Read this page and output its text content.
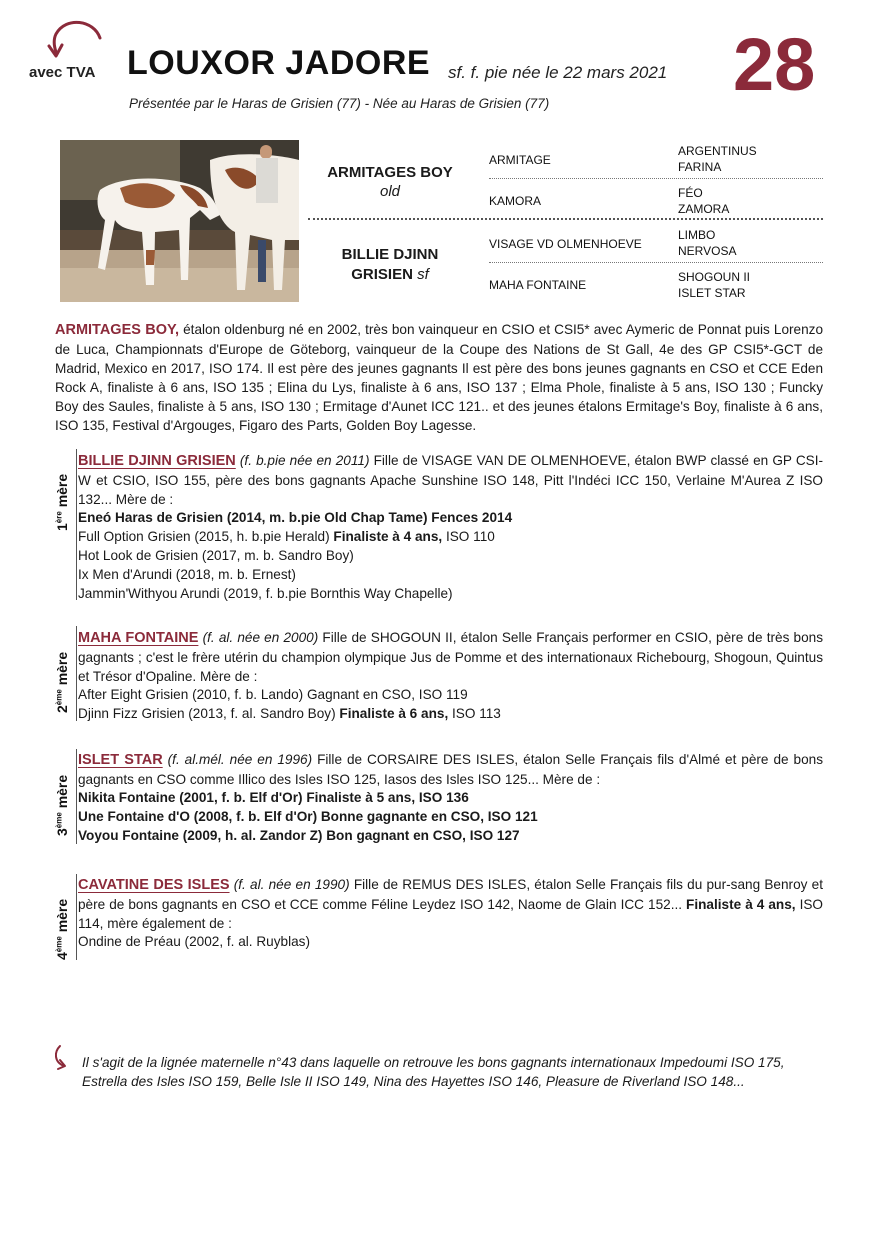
avec TVA LOUXOR JADORE sf. f. pie née le 22 mars 2021 28
Présentée par le Haras de Grisien (77) - Née au Haras de Grisien (77)
ARMITAGES BOY
old
BILLIE DJINN
GRISIEN sf
ARMITAGE
KAMORA
VISAGE VD OLMENHOEVE
MAHA FONTAINE
ARGENTINUS
FARINA
FÉO
ZAMORA
LIMBO
NERVOSA
SHOGOUN II
ISLET STAR
ARMITAGES BOY, étalon oldenburg né en 2002, très bon vainqueur en CSIO et CSI5* avec Aymeric de Ponnat puis Lorenzo de Luca, Championnats d'Europe de Göteborg, vainqueur de la Coupe des Nations de St Gall, 4e des GP CSI5*-GCT de Madrid, Mexico en 2017, ISO 174. Il est père des jeunes gagnants Il est père des bons jeunes gagnants en CSO et CCE Eden Rock A, finaliste à 6 ans, ISO 135 ; Elina du Lys, finaliste à 6 ans, ISO 137 ; Elma Phole, finaliste à 5 ans, ISO 130 ; Funcky Boy des Saules, finaliste à 5 ans, ISO 130 ; Ermitage d'Aunet ICC 121.. et des jeunes étalons Ermitage's Boy, finaliste à 6 ans, ISO 135, Festival d'Argouges, Figaro des Parts, Golden Boy Lagesse.
1ère mère
BILLIE DJINN GRISIEN (f. b.pie née en 2011) Fille de VISAGE VAN DE OLMENHOEVE, étalon BWP classé en GP CSI-W et CSIO, ISO 155, père des bons gagnants Apache Sunshine ISO 148, Pitt l'Indéci ICC 150, Verlaine M'Aurea Z ISO 132... Mère de :
Eneó Haras de Grisien (2014, m. b.pie Old Chap Tame) Fences 2014
Full Option Grisien (2015, h. b.pie Herald) Finaliste à 4 ans, ISO 110
Hot Look de Grisien (2017, m. b. Sandro Boy)
Ix Men d'Arundi (2018, m. b. Ernest)
Jammin'Withyou Arundi (2019, f. b.pie Bornthis Way Chapelle)
2ème mère
MAHA FONTAINE (f. al. née en 2000) Fille de SHOGOUN II, étalon Selle Français performer en CSIO, père de très bons gagnants ; c'est le frère utérin du champion olympique Jus de Pomme et des internationaux Richebourg, Shogoun, Quintus et Trésor d'Opaline. Mère de :
After Eight Grisien (2010, f. b. Lando) Gagnant en CSO, ISO 119
Djinn Fizz Grisien (2013, f. al. Sandro Boy) Finaliste à 6 ans, ISO 113
3ème mère
ISLET STAR (f. al.mél. née en 1996) Fille de CORSAIRE DES ISLES, étalon Selle Français fils d'Almé et père de bons gagnants en CSO comme Illico des Isles ISO 125, Iasos des Isles ISO 125... Mère de :
Nikita Fontaine (2001, f. b. Elf d'Or) Finaliste à 5 ans, ISO 136
Une Fontaine d'O (2008, f. b. Elf d'Or) Bonne gagnante en CSO, ISO 121
Voyou Fontaine (2009, h. al. Zandor Z) Bon gagnant en CSO, ISO 127
4ème mère
CAVATINE DES ISLES (f. al. née en 1990) Fille de REMUS DES ISLES, étalon Selle Français fils du pur-sang Benroy et père de bons gagnants en CSO et CCE comme Féline Leydez ISO 142, Naome de Glain ICC 152... Finaliste à 4 ans, ISO 114, mère également de :
Ondine de Préau (2002, f. al. Ruyblas)
Il s'agit de la lignée maternelle n°43 dans laquelle on retrouve les bons gagnants internationaux Impedoumi ISO 175, Estrella des Isles ISO 159, Belle Isle II ISO 149, Nina des Hayettes ISO 146, Pleasure de Riverland ISO 148...
